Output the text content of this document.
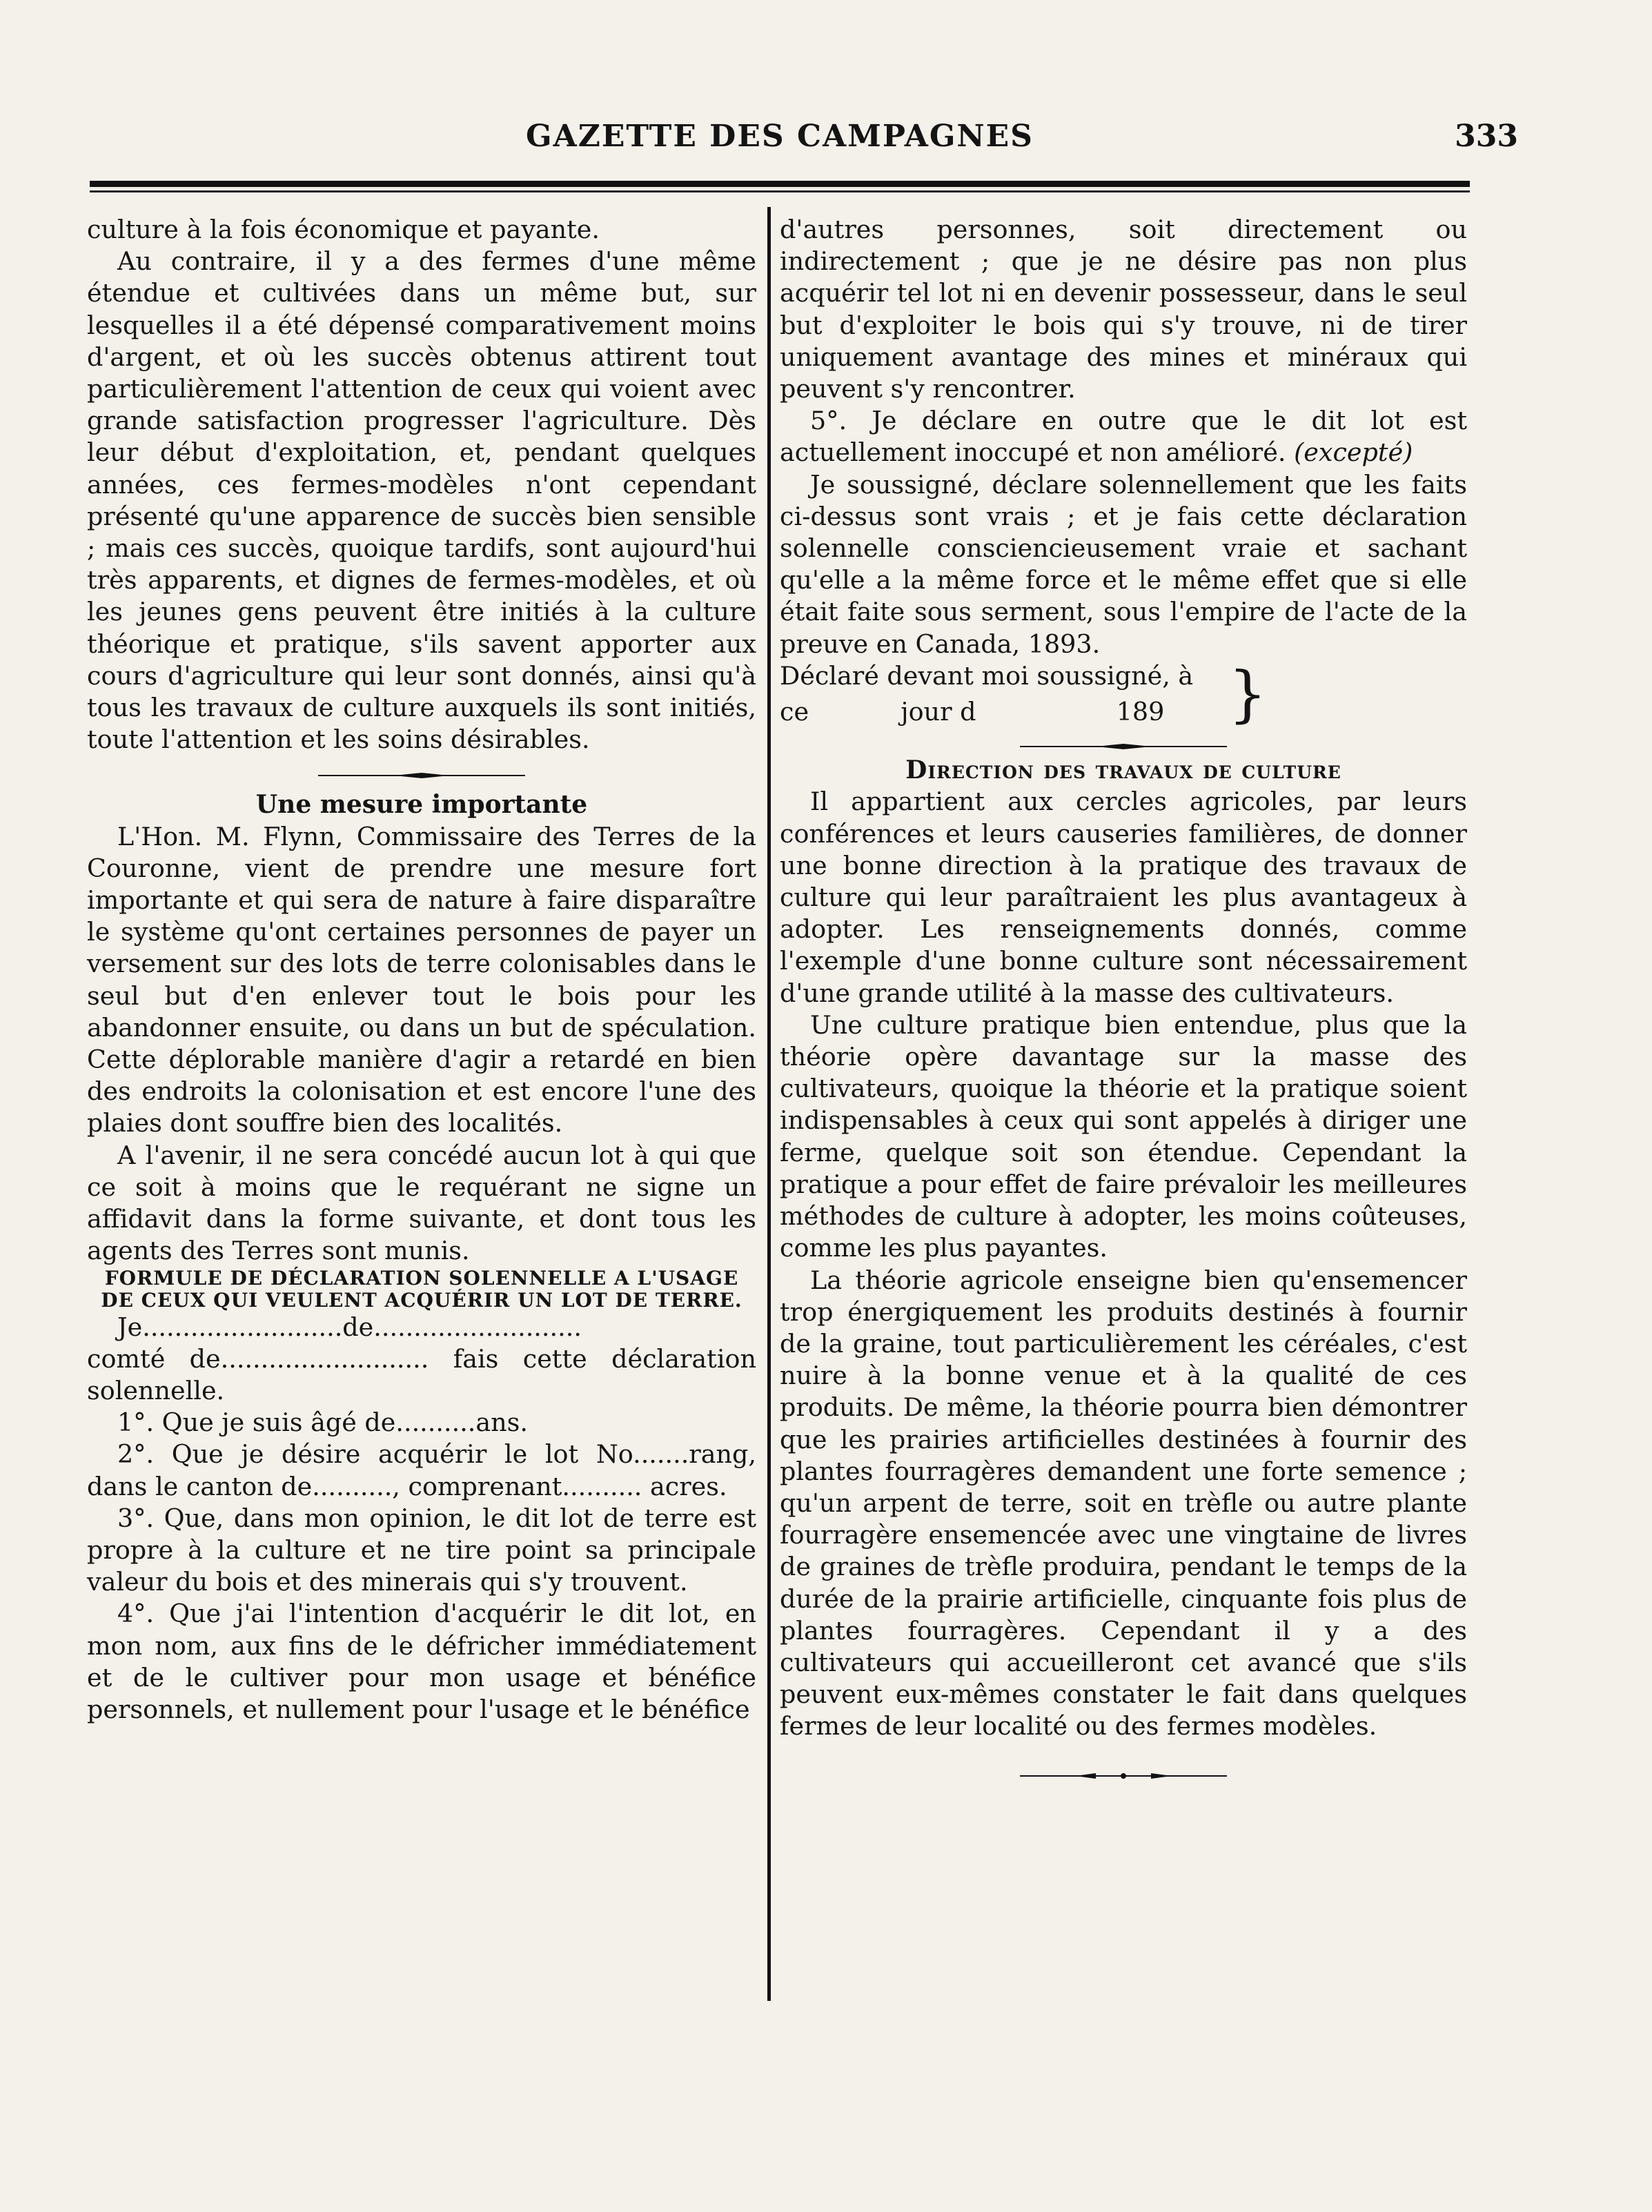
GAZETTE DES CAMPAGNES	333

culture à la fois économique et payante.

Au contraire, il y a des fermes d'une même étendue et cultivées dans un même but, sur lesquelles il a été dépensé comparativement moins d'argent, et où les succès obtenus attirent tout particulièrement l'attention de ceux qui voient avec grande satisfaction progresser l'agriculture. Dès leur début d'exploitation, et, pendant quelques années, ces fermes-modèles n'ont cependant présenté qu'une apparence de succès bien sensible ; mais ces succès, quoique tardifs, sont aujourd'hui très apparents, et dignes de fermes-modèles, et où les jeunes gens peuvent être initiés à la culture théorique et pratique, s'ils savent apporter aux cours d'agriculture qui leur sont donnés, ainsi qu'à tous les travaux de culture auxquels ils sont initiés, toute l'attention et les soins désirables.

Une mesure importante

L'Hon. M. Flynn, Commissaire des Terres de la Couronne, vient de prendre une mesure fort importante et qui sera de nature à faire disparaître le système qu'ont certaines personnes de payer un versement sur des lots de terre colonisables dans le seul but d'en enlever tout le bois pour les abandonner ensuite, ou dans un but de spéculation. Cette déplorable manière d'agir a retardé en bien des endroits la colonisation et est encore l'une des plaies dont souffre bien des localités.

A l'avenir, il ne sera concédé aucun lot à qui que ce soit à moins que le requérant ne signe un affidavit dans la forme suivante, et dont tous les agents des Terres sont munis.

FORMULE DE DÉCLARATION SOLENNELLE A L'USAGE DE CEUX QUI VEULENT ACQUÉRIR UN LOT DE TERRE.

Je.........................de..........................

comté de.......................... fais cette déclaration solennelle.

1°. Que je suis âgé de..........ans.

2°. Que je désire acquérir le lot No.......rang, dans le canton de.........., comprenant.......... acres.

3°. Que, dans mon opinion, le dit lot de terre est propre à la culture et ne tire point sa principale valeur du bois et des minerais qui s'y trouvent.

4°. Que j'ai l'intention d'acquérir le dit lot, en mon nom, aux fins de le défricher immédiatement et de le cultiver pour mon usage et bénéfice personnels, et nullement pour l'usage et le bénéfice

d'autres personnes, soit directement ou indirectement ; que je ne désire pas non plus acquérir tel lot ni en devenir possesseur, dans le seul but d'exploiter le bois qui s'y trouve, ni de tirer uniquement avantage des mines et minéraux qui peuvent s'y rencontrer.

5°. Je déclare en outre que le dit lot est actuellement inoccupé et non amélioré. (excepté)

Je soussigné, déclare solennellement que les faits ci-dessus sont vrais ; et je fais cette déclaration solennelle consciencieusement vraie et sachant qu'elle a la même force et le même effet que si elle était faite sous serment, sous l'empire de l'acte de la preuve en Canada, 1893.

Déclaré devant moi soussigné, à

ce	jour d	189	}

Direction des travaux de culture

Il appartient aux cercles agricoles, par leurs conférences et leurs causeries familières, de donner une bonne direction à la pratique des travaux de culture qui leur paraîtraient les plus avantageux à adopter. Les renseignements donnés, comme l'exemple d'une bonne culture sont nécessairement d'une grande utilité à la masse des cultivateurs.

Une culture pratique bien entendue, plus que la théorie opère davantage sur la masse des cultivateurs, quoique la théorie et la pratique soient indispensables à ceux qui sont appelés à diriger une ferme, quelque soit son étendue. Cependant la pratique a pour effet de faire prévaloir les meilleures méthodes de culture à adopter, les moins coûteuses, comme les plus payantes.

La théorie agricole enseigne bien qu'ensemencer trop énergiquement les produits destinés à fournir de la graine, tout particulièrement les céréales, c'est nuire à la bonne venue et à la qualité de ces produits. De même, la théorie pourra bien démontrer que les prairies artificielles destinées à fournir des plantes fourragères demandent une forte semence ; qu'un arpent de terre, soit en trèfle ou autre plante fourragère ensemencée avec une vingtaine de livres de graines de trèfle produira, pendant le temps de la durée de la prairie artificielle, cinquante fois plus de plantes fourragères. Cependant il y a des cultivateurs qui accueilleront cet avancé que s'ils peuvent eux-mêmes constater le fait dans quelques fermes de leur localité ou des fermes modèles.
